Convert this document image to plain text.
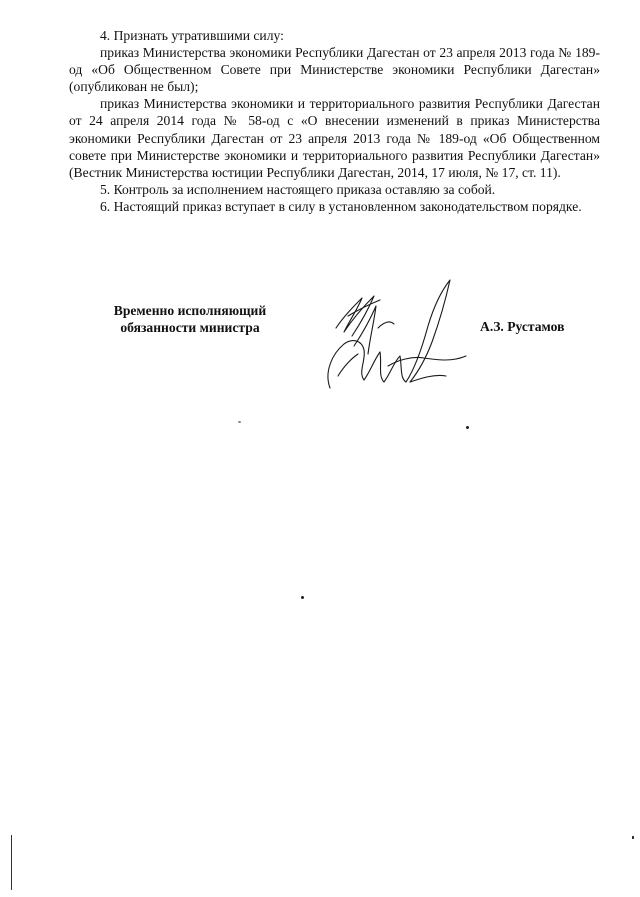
4. Признать утратившими силу:

приказ Министерства экономики Республики Дагестан от 23 апреля 2013 года № 189-од «Об Общественном Совете при Министерстве экономики Республики Дагестан» (опубликован не был);

приказ Министерства экономики и территориального развития Республики Дагестан от 24 апреля 2014 года № 58-од с «О внесении изменений в приказ Министерства экономики Республики Дагестан от 23 апреля 2013 года № 189-од «Об Общественном совете при Министерстве экономики и территориального развития Республики Дагестан» (Вестник Министерства юстиции Республики Дагестан, 2014, 17 июля, № 17, ст. 11).

5. Контроль за исполнением настоящего приказа оставляю за собой.

6. Настоящий приказ вступает в силу в установленном законодательством порядке.

Временно исполняющий
обязанности министра	А.З. Рустамов
